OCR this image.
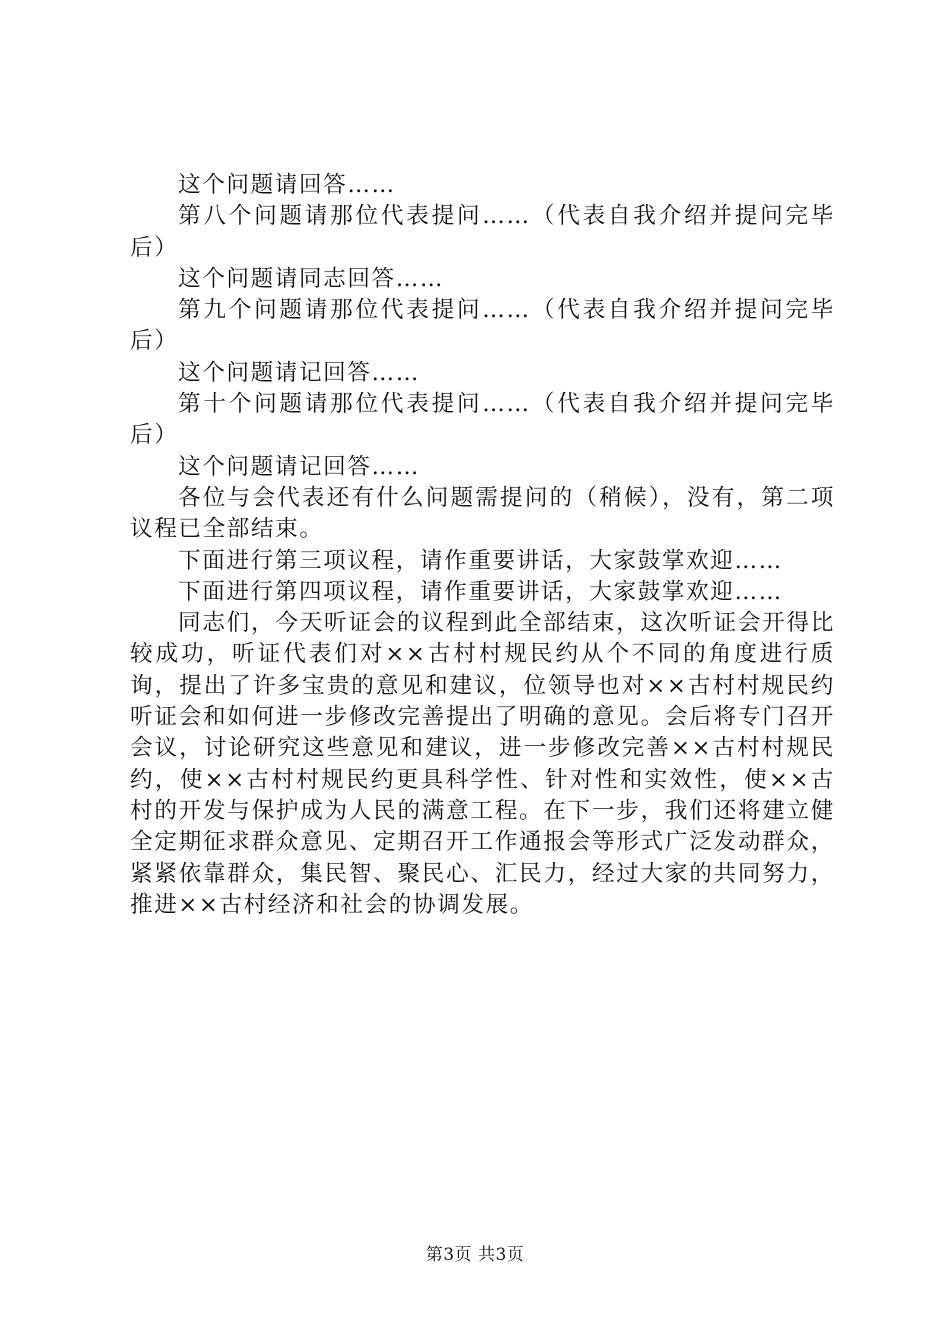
这个问题请回答……

第八个问题请那位代表提问……（代表自我介绍并提问完毕后）

这个问题请同志回答……

第九个问题请那位代表提问……（代表自我介绍并提问完毕后）

这个问题请记回答……

第十个问题请那位代表提问……（代表自我介绍并提问完毕后）

这个问题请记回答……

各位与会代表还有什么问题需提问的（稍候），没有，第二项议程已全部结束。

下面进行第三项议程，请作重要讲话，大家鼓掌欢迎……

下面进行第四项议程，请作重要讲话，大家鼓掌欢迎……

同志们，今天听证会的议程到此全部结束，这次听证会开得比较成功，听证代表们对××古村村规民约从个不同的角度进行质询，提出了许多宝贵的意见和建议，位领导也对××古村村规民约听证会和如何进一步修改完善提出了明确的意见。会后将专门召开会议，讨论研究这些意见和建议，进一步修改完善××古村村规民约，使××古村村规民约更具科学性、针对性和实效性，使××古村的开发与保护成为人民的满意工程。在下一步，我们还将建立健全定期征求群众意见、定期召开工作通报会等形式广泛发动群众，紧紧依靠群众，集民智、聚民心、汇民力，经过大家的共同努力，推进××古村经济和社会的协调发展。

第3页 共3页
